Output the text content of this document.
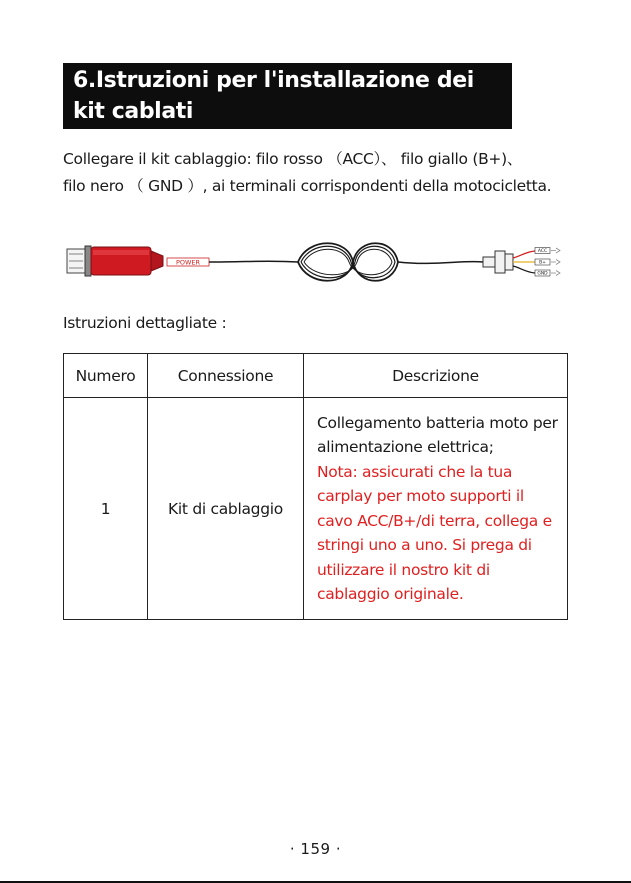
6.Istruzioni per l'installazione dei kit cablati

Collegare il kit cablaggio: filo rosso （ACC）、 filo giallo (B+)、

filo nero （ GND ）, ai terminali corrispondenti della motocicletta.

POWER
ACC
B+
GND
Istruzioni dettagliate :
Numero	Connessione	Descrizione
1	Kit di cablaggio	Collegamento batteria moto per alimentazione elettrica;
Nota: assicurati che la tua carplay per moto supporti il cavo ACC/B+/di terra, collega e stringi uno a uno. Si prega di utilizzare il nostro kit di cablaggio originale.
· 159 ·
